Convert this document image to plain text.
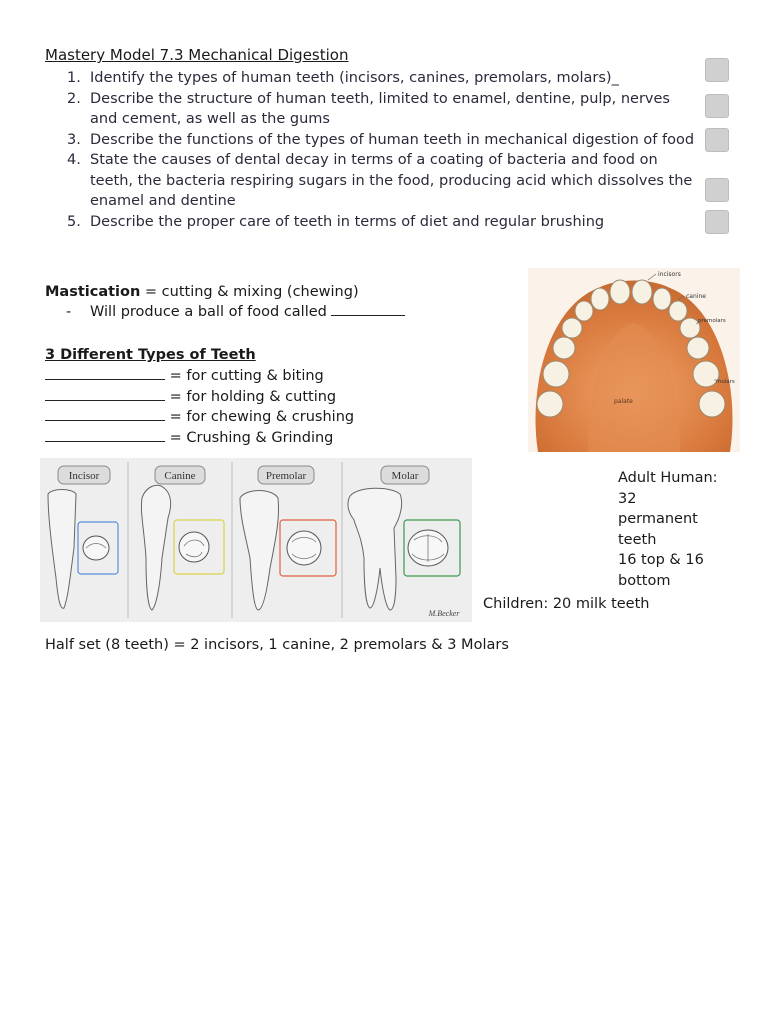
Mastery Model 7.3 Mechanical Digestion
1. Identify the types of human teeth (incisors, canines, premolars, molars)_
2. Describe the structure of human teeth, limited to enamel, dentine, pulp, nerves and cement, as well as the gums
3. Describe the functions of the types of human teeth in mechanical digestion of food
4. State the causes of dental decay in terms of a coating of bacteria and food on teeth, the bacteria respiring sugars in the food, producing acid which dissolves the enamel and dentine
5. Describe the proper care of teeth in terms of diet and regular brushing
Mastication = cutting & mixing (chewing)
- Will produce a ball of food called
3 Different Types of Teeth
= for cutting & biting
= for holding & cutting
= for chewing & crushing
= Crushing & Grinding
incisors
canine
premolars
molars
palate
Incisor	Canine	Premolar	Molar
M.Becker
Adult Human:
32
permanent
teeth
16 top & 16
bottom
Children: 20 milk teeth
Half set (8 teeth) = 2 incisors, 1 canine, 2 premolars & 3 Molars
